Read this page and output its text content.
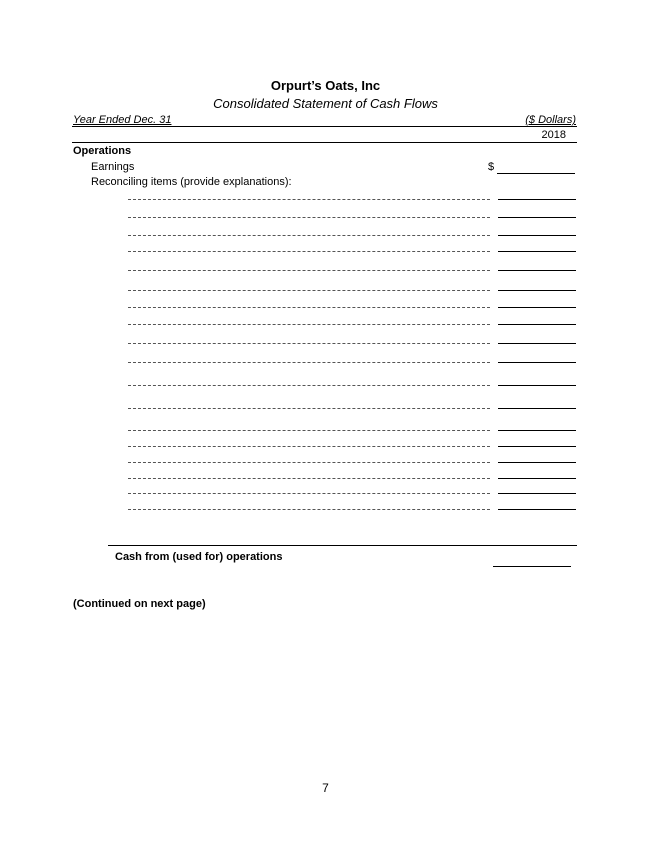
Orpurt’s Oats, Inc
Consolidated Statement of Cash Flows
Year Ended Dec. 31	($ Dollars)
2018
Operations
Earnings	$
Reconciling items (provide explanations):
Cash from (used for) operations
(Continued on next page)
7
